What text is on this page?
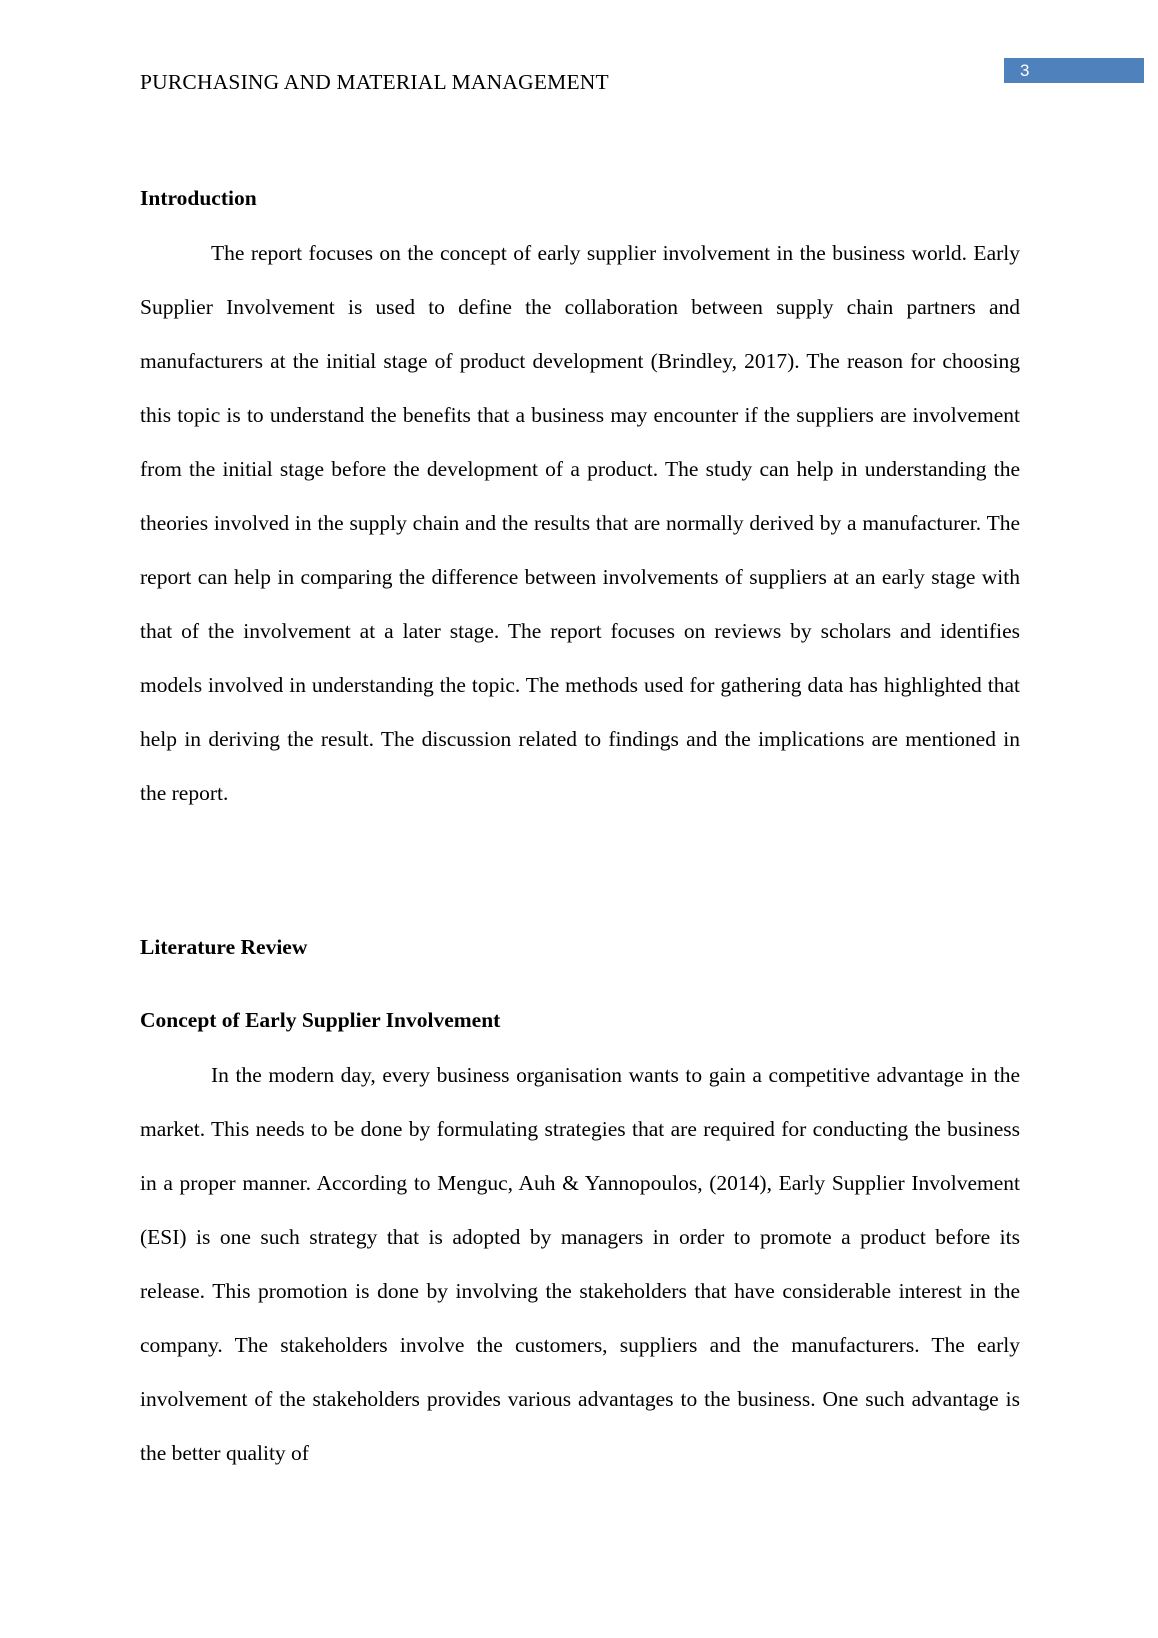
PURCHASING AND MATERIAL MANAGEMENT	3
Introduction

The report focuses on the concept of early supplier involvement in the business world. Early Supplier Involvement is used to define the collaboration between supply chain partners and manufacturers at the initial stage of product development (Brindley, 2017). The reason for choosing this topic is to understand the benefits that a business may encounter if the suppliers are involvement from the initial stage before the development of a product. The study can help in understanding the theories involved in the supply chain and the results that are normally derived by a manufacturer. The report can help in comparing the difference between involvements of suppliers at an early stage with that of the involvement at a later stage. The report focuses on reviews by scholars and identifies models involved in understanding the topic. The methods used for gathering data has highlighted that help in deriving the result. The discussion related to findings and the implications are mentioned in the report.

Literature Review
Concept of Early Supplier Involvement

In the modern day, every business organisation wants to gain a competitive advantage in the market. This needs to be done by formulating strategies that are required for conducting the business in a proper manner. According to Menguc, Auh & Yannopoulos, (2014), Early Supplier Involvement (ESI) is one such strategy that is adopted by managers in order to promote a product before its release. This promotion is done by involving the stakeholders that have considerable interest in the company. The stakeholders involve the customers, suppliers and the manufacturers. The early involvement of the stakeholders provides various advantages to the business. One such advantage is the better quality of
